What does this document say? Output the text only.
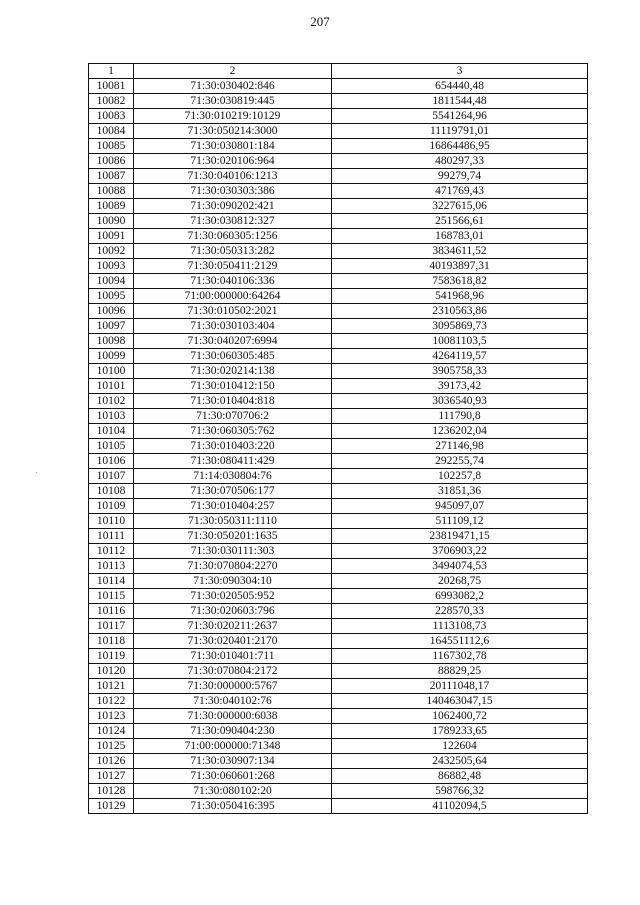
207
1	2	3
10081	71:30:030402:846	654440,48
10082	71:30:030819:445	1811544,48
10083	71:30:010219:10129	5541264,96
10084	71:30:050214:3000	11119791,01
10085	71:30:030801:184	16864486,95
10086	71:30:020106:964	480297,33
10087	71:30:040106:1213	99279,74
10088	71:30:030303:386	471769,43
10089	71:30:090202:421	3227615,06
10090	71:30:030812:327	251566,61
10091	71:30:060305:1256	168783,01
10092	71:30:050313:282	3834611,52
10093	71:30:050411:2129	40193897,31
10094	71:30:040106:336	7583618,82
10095	71:00:000000:64264	541968,96
10096	71:30:010502:2021	2310563,86
10097	71:30:030103:404	3095869,73
10098	71:30:040207:6994	10081103,5
10099	71:30:060305:485	4264119,57
10100	71:30:020214:138	3905758,33
10101	71:30:010412:150	39173,42
10102	71:30:010404:818	3036540,93
10103	71:30:070706:2	111790,8
10104	71:30:060305:762	1236202,04
10105	71:30:010403:220	271146,98
10106	71:30:080411:429	292255,74
10107	71:14:030804:76	102257,8
10108	71:30:070506:177	31851,36
10109	71:30:010404:257	945097,07
10110	71:30:050311:1110	511109,12
10111	71:30:050201:1635	23819471,15
10112	71:30:030111:303	3706903,22
10113	71:30:070804:2270	3494074,53
10114	71:30:090304:10	20268,75
10115	71:30:020505:952	6993082,2
10116	71:30:020603:796	228570,33
10117	71:30:020211:2637	1113108,73
10118	71:30:020401:2170	164551112,6
10119	71:30:010401:711	1167302,78
10120	71:30:070804:2172	88829,25
10121	71:30:000000:5767	20111048,17
10122	71:30:040102:76	140463047,15
10123	71:30:000000:6038	1062400,72
10124	71:30:090404:230	1789233,65
10125	71:00:000000:71348	122604
10126	71:30:030907:134	2432505,64
10127	71:30:060601:268	86882,48
10128	71:30:080102:20	598766,32
10129	71:30:050416:395	41102094,5
